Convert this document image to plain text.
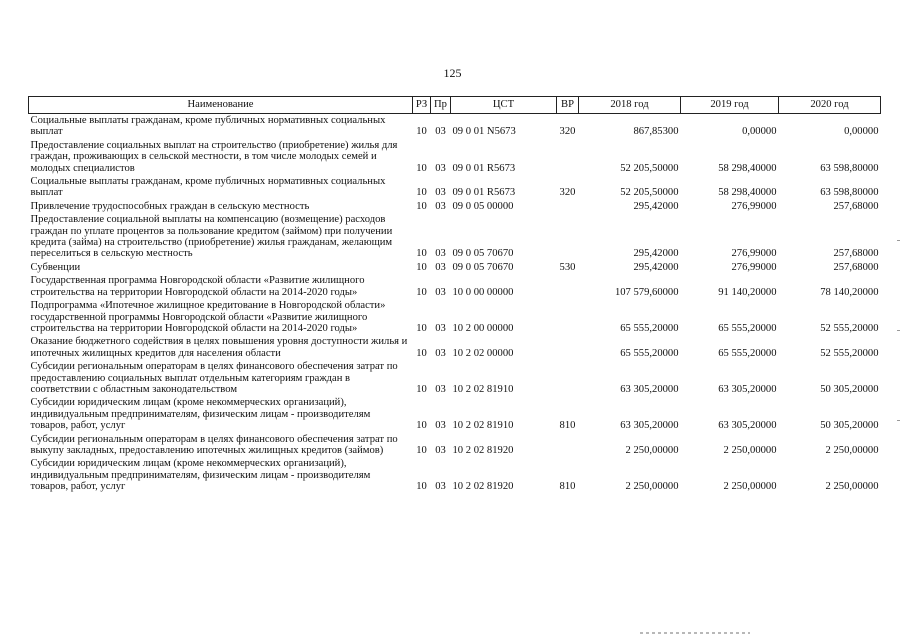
125
Наименование	РЗ	Пр	ЦСТ	ВР	2018 год	2019 год	2020 год
Социальные выплаты гражданам, кроме публичных нормативных социальных выплат	10	03	09 0 01 N5673	320	867,85300	0,00000	0,00000
Предоставление социальных выплат на строительство (приобретение) жилья для граждан, проживающих в сельской местности, в том числе молодых семей и молодых специалистов	10	03	09 0 01 R5673		52 205,50000	58 298,40000	63 598,80000
Социальные выплаты гражданам, кроме публичных нормативных социальных выплат	10	03	09 0 01 R5673	320	52 205,50000	58 298,40000	63 598,80000
Привлечение трудоспособных граждан в сельскую местность	10	03	09 0 05 00000		295,42000	276,99000	257,68000
Предоставление социальной выплаты на компенсацию (возмещение) расходов граждан по уплате процентов за пользование кредитом (займом) при получении кредита (займа) на строительство (приобретение) жилья гражданам, желающим переселиться в сельскую местность	10	03	09 0 05 70670		295,42000	276,99000	257,68000
Субвенции	10	03	09 0 05 70670	530	295,42000	276,99000	257,68000
Государственная программа Новгородской области «Развитие жилищного строительства на территории Новгородской области на 2014-2020 годы»	10	03	10 0 00 00000		107 579,60000	91 140,20000	78 140,20000
Подпрограмма «Ипотечное жилищное кредитование в Новгородской области» государственной программы Новгородской области «Развитие жилищного строительства на территории Новгородской области на 2014-2020 годы»	10	03	10 2 00 00000		65 555,20000	65 555,20000	52 555,20000
Оказание бюджетного содействия в целях повышения уровня доступности жилья и ипотечных жилищных кредитов для населения области	10	03	10 2 02 00000		65 555,20000	65 555,20000	52 555,20000
Субсидии региональным операторам в целях финансового обеспечения затрат по предоставлению социальных выплат отдельным категориям граждан в соответствии с областным законодательством	10	03	10 2 02 81910		63 305,20000	63 305,20000	50 305,20000
Субсидии юридическим лицам (кроме некоммерческих организаций), индивидуальным предпринимателям, физическим лицам - производителям товаров, работ, услуг	10	03	10 2 02 81910	810	63 305,20000	63 305,20000	50 305,20000
Субсидии региональным операторам в целях финансового обеспечения затрат по выкупу закладных, предоставлению ипотечных жилищных кредитов (займов)	10	03	10 2 02 81920		2 250,00000	2 250,00000	2 250,00000
Субсидии юридическим лицам (кроме некоммерческих организаций), индивидуальным предпринимателям, физическим лицам - производителям товаров, работ, услуг	10	03	10 2 02 81920	810	2 250,00000	2 250,00000	2 250,00000
